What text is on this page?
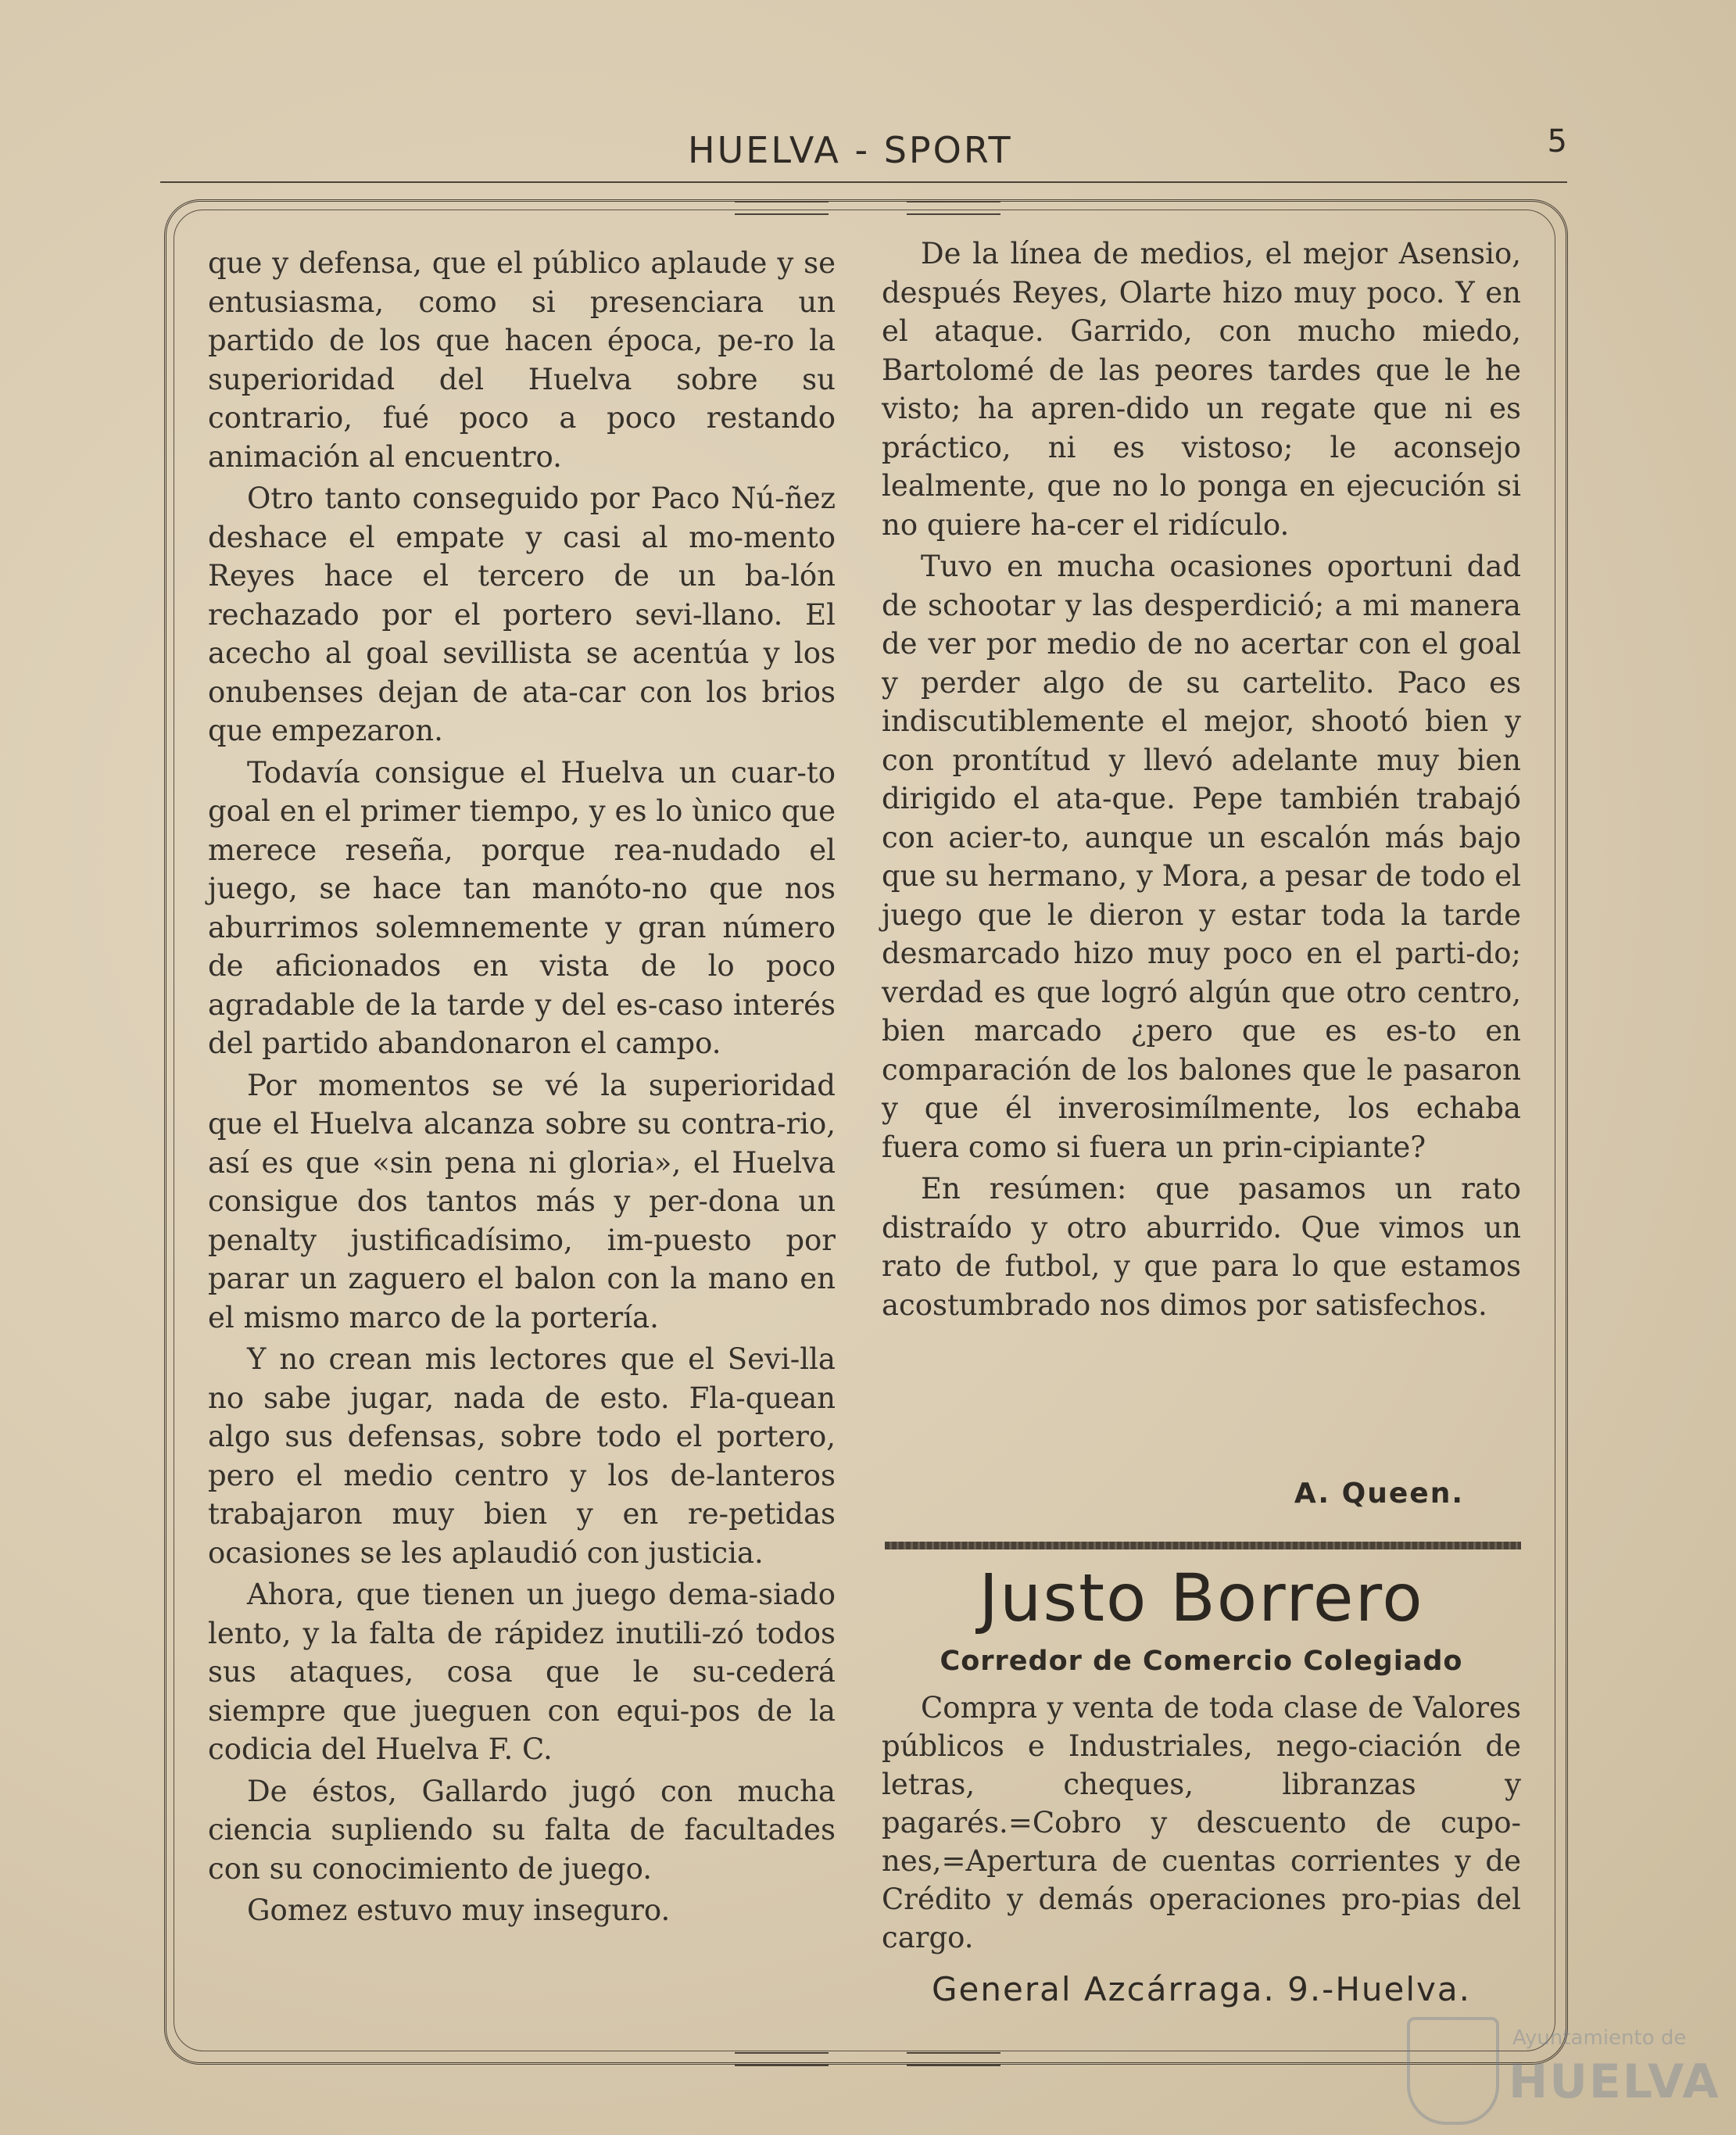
HUELVA - SPORT	5

que y defensa, que el público aplaude y se entusiasma, como si presenciara un partido de los que hacen época, pe-ro la superioridad del Huelva sobre su contrario, fué poco a poco restando animación al encuentro.

Otro tanto conseguido por Paco Nú-ñez deshace el empate y casi al mo-mento Reyes hace el tercero de un ba-lón rechazado por el portero sevi-llano. El acecho al goal sevillista se acentúa y los onubenses dejan de ata-car con los brios que empezaron.

Todavía consigue el Huelva un cuar-to goal en el primer tiempo, y es lo ùnico que merece reseña, porque rea-nudado el juego, se hace tan manóto-no que nos aburrimos solemnemente y gran número de aficionados en vista de lo poco agradable de la tarde y del es-caso interés del partido abandonaron el campo.

Por momentos se vé la superioridad que el Huelva alcanza sobre su contra-rio, así es que «sin pena ni gloria», el Huelva consigue dos tantos más y per-dona un penalty justificadísimo, im-puesto por parar un zaguero el balon con la mano en el mismo marco de la portería.

Y no crean mis lectores que el Sevi-lla no sabe jugar, nada de esto. Fla-quean algo sus defensas, sobre todo el portero, pero el medio centro y los de-lanteros trabajaron muy bien y en re-petidas ocasiones se les aplaudió con justicia.

Ahora, que tienen un juego dema-siado lento, y la falta de rápidez inutili-zó todos sus ataques, cosa que le su-cederá siempre que jueguen con equi-pos de la codicia del Huelva F. C.

De éstos, Gallardo jugó con mucha ciencia supliendo su falta de facultades con su conocimiento de juego.

Gomez estuvo muy inseguro.

De la línea de medios, el mejor Asensio, después Reyes, Olarte hizo muy poco. Y en el ataque. Garrido, con mucho miedo, Bartolomé de las peores tardes que le he visto; ha apren-dido un regate que ni es práctico, ni es vistoso; le aconsejo lealmente, que no lo ponga en ejecución si no quiere ha-cer el ridículo.

Tuvo en mucha ocasiones oportuni dad de schootar y las desperdició; a mi manera de ver por medio de no acertar con el goal y perder algo de su cartelito. Paco es indiscutiblemente el mejor, shootó bien y con prontítud y llevó adelante muy bien dirigido el ata-que. Pepe también trabajó con acier-to, aunque un escalón más bajo que su hermano, y Mora, a pesar de todo el juego que le dieron y estar toda la tarde desmarcado hizo muy poco en el parti-do; verdad es que logró algún que otro centro, bien marcado ¿pero que es es-to en comparación de los balones que le pasaron y que él inverosimílmente, los echaba fuera como si fuera un prin-cipiante?

En resúmen: que pasamos un rato distraído y otro aburrido. Que vimos un rato de futbol, y que para lo que estamos acostumbrado nos dimos por satisfechos.

A. Queen.
Justo Borrero
Corredor de Comercio Colegiado

Compra y venta de toda clase de Valores públicos e Industriales, nego-ciación de letras, cheques, libranzas y pagarés.=Cobro y descuento de cupo-nes,=Apertura de cuentas corrientes y de Crédito y demás operaciones pro-pias del cargo.

General Azcárraga. 9.-Huelva.
Ayuntamiento de
HUELVA
